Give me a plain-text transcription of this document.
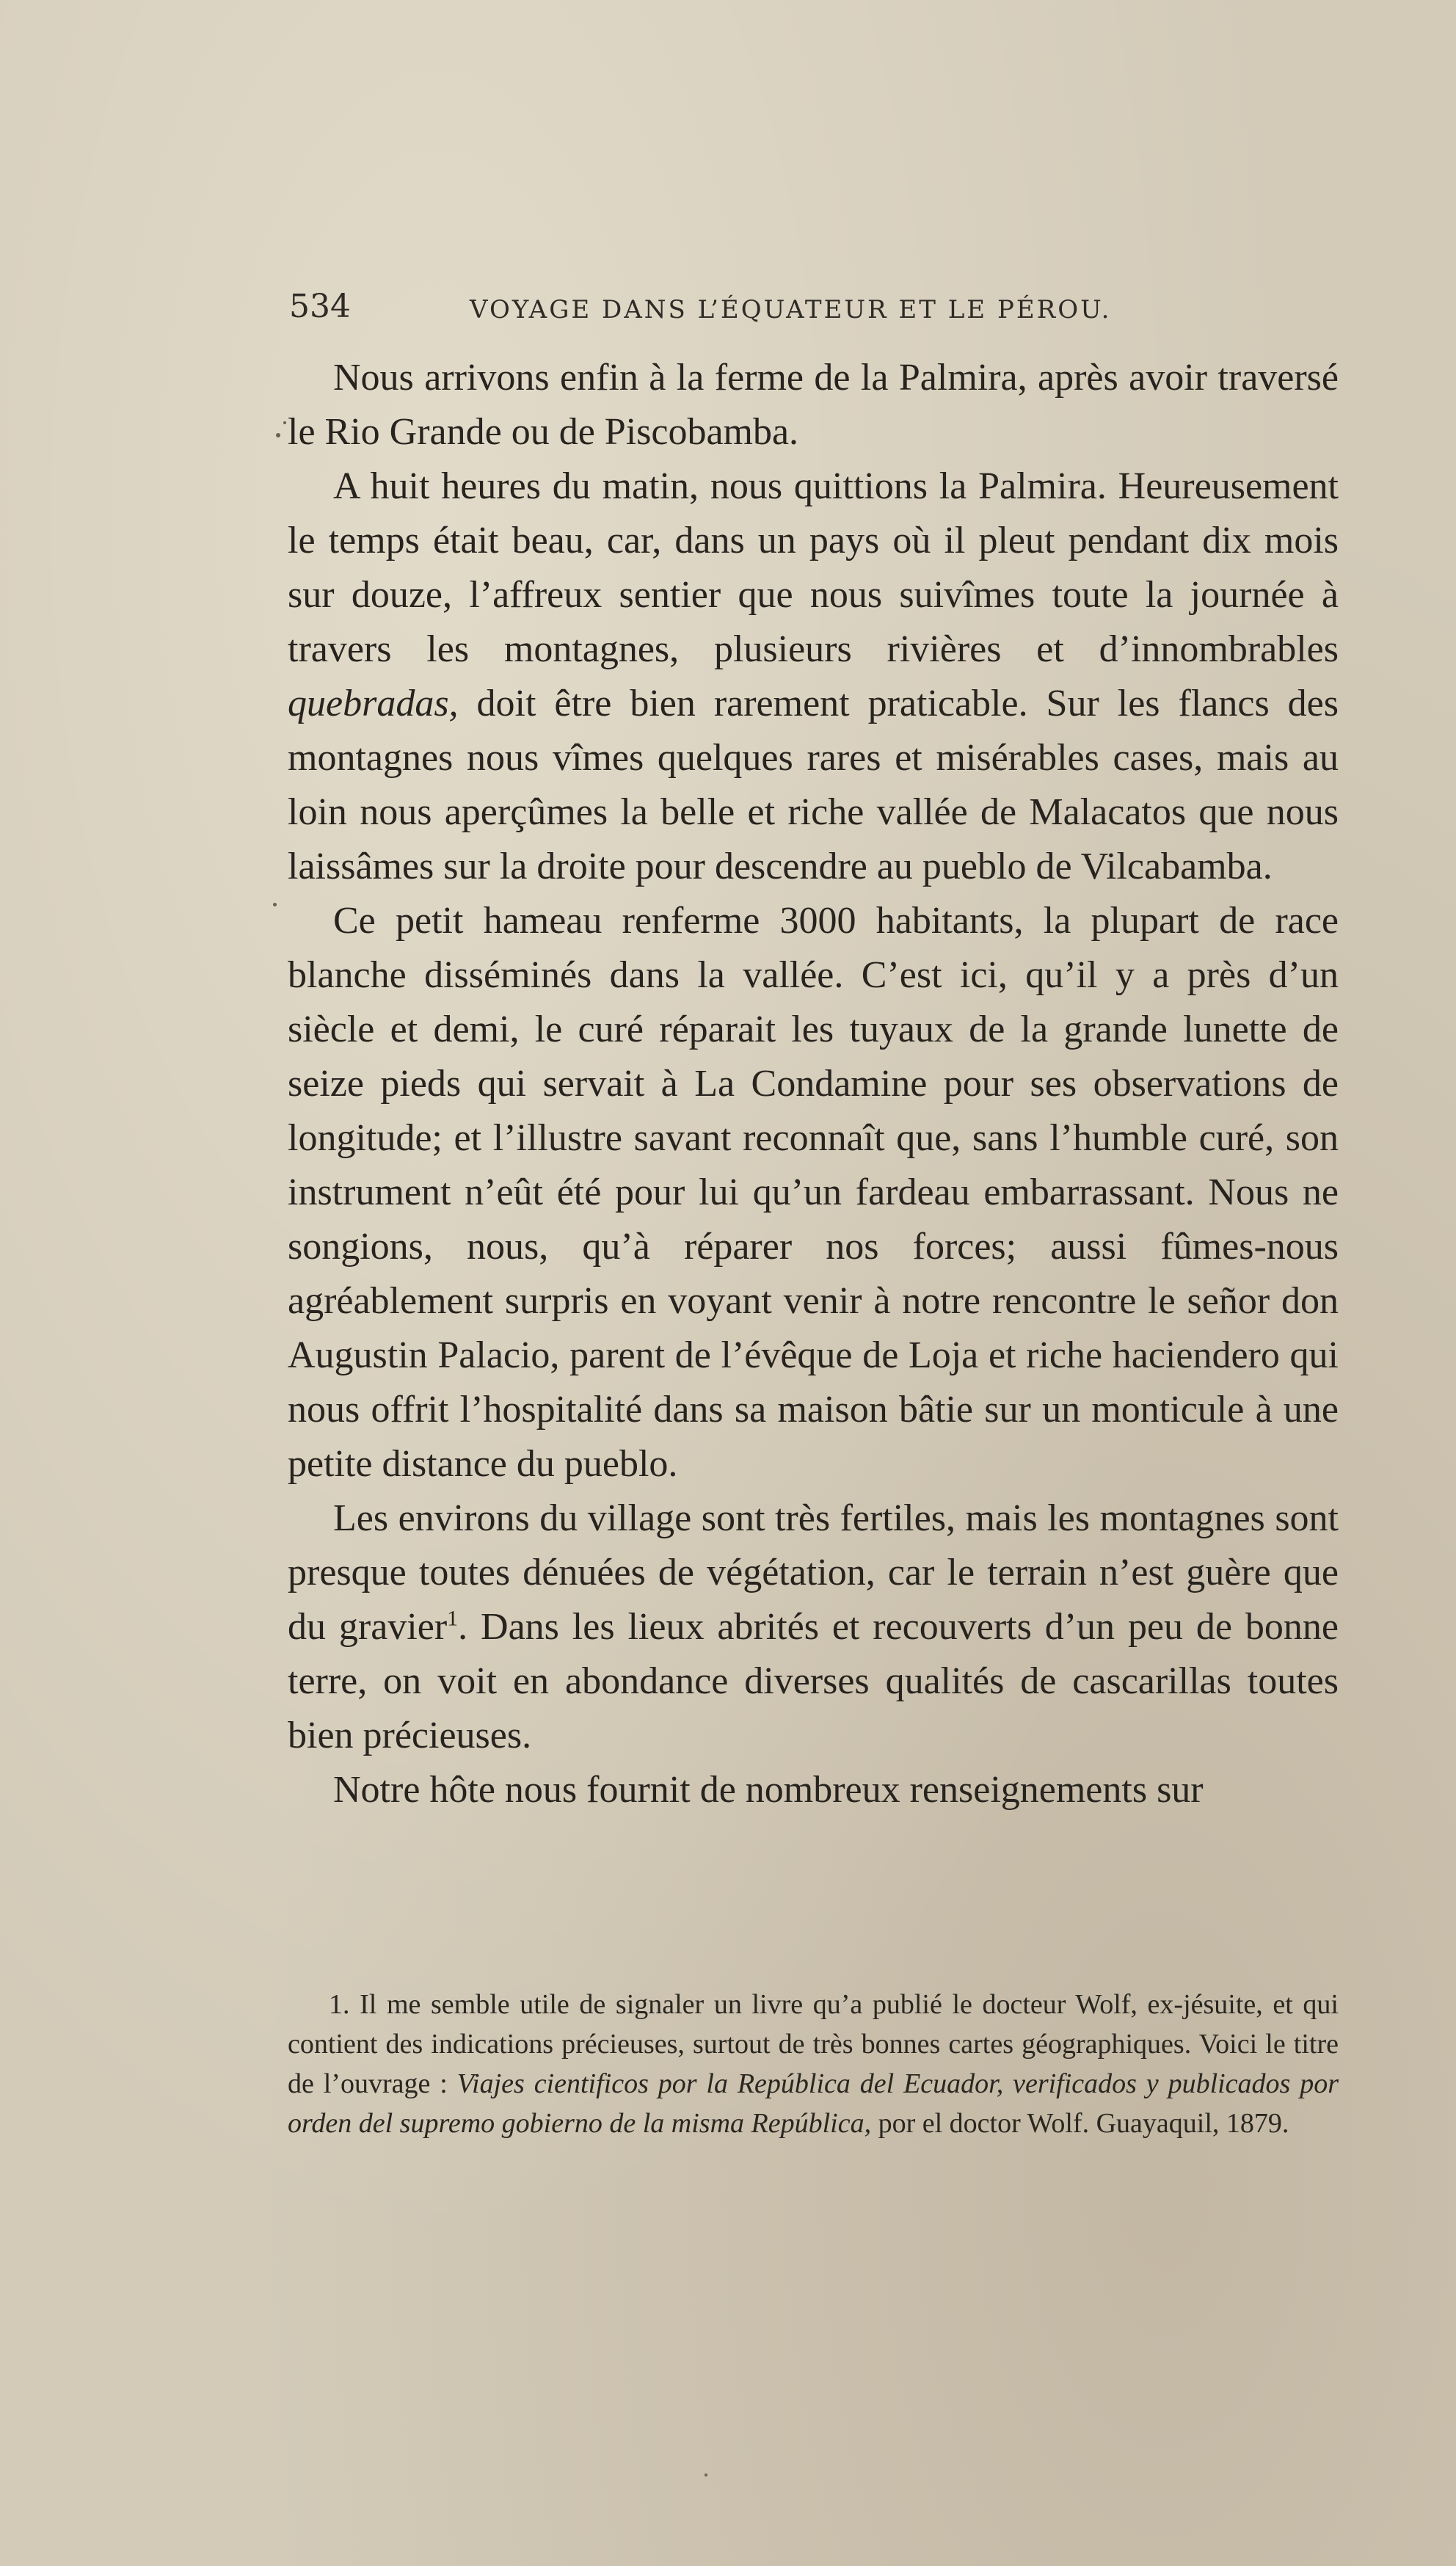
534	VOYAGE DANS L’ÉQUATEUR ET LE PÉROU.

Nous arrivons enfin à la ferme de la Palmira, après avoir traversé le Rio Grande ou de Piscobamba.

A huit heures du matin, nous quittions la Palmira. Heureusement le temps était beau, car, dans un pays où il pleut pendant dix mois sur douze, l’affreux sentier que nous suivîmes toute la journée à travers les montagnes, plusieurs rivières et d’innombrables quebradas, doit être bien rarement praticable. Sur les flancs des montagnes nous vîmes quelques rares et misérables cases, mais au loin nous aperçûmes la belle et riche vallée de Malacatos que nous laissâmes sur la droite pour descendre au pueblo de Vilcabamba.

Ce petit hameau renferme 3000 habitants, la plupart de race blanche disséminés dans la vallée. C’est ici, qu’il y a près d’un siècle et demi, le curé réparait les tuyaux de la grande lunette de seize pieds qui servait à La Condamine pour ses observations de longitude; et l’illustre savant reconnaît que, sans l’humble curé, son instrument n’eût été pour lui qu’un fardeau embarrassant. Nous ne songions, nous, qu’à réparer nos forces; aussi fûmes-nous agréablement surpris en voyant venir à notre rencontre le señor don Augustin Palacio, parent de l’évêque de Loja et riche haciendero qui nous offrit l’hospitalité dans sa maison bâtie sur un monticule à une petite distance du pueblo.

Les environs du village sont très fertiles, mais les montagnes sont presque toutes dénuées de végétation, car le terrain n’est guère que du gravier$^1$. Dans les lieux abrités et recouverts d’un peu de bonne terre, on voit en abondance diverses qualités de cascarillas toutes bien précieuses.

Notre hôte nous fournit de nombreux renseignements sur

1. Il me semble utile de signaler un livre qu’a publié le docteur Wolf, ex-jésuite, et qui contient des indications précieuses, surtout de très bonnes cartes géographiques. Voici le titre de l’ouvrage : Viajes cientificos por la República del Ecuador, verificados y publicados por orden del supremo gobierno de la misma República, por el doctor Wolf. Guayaquil, 1879.
